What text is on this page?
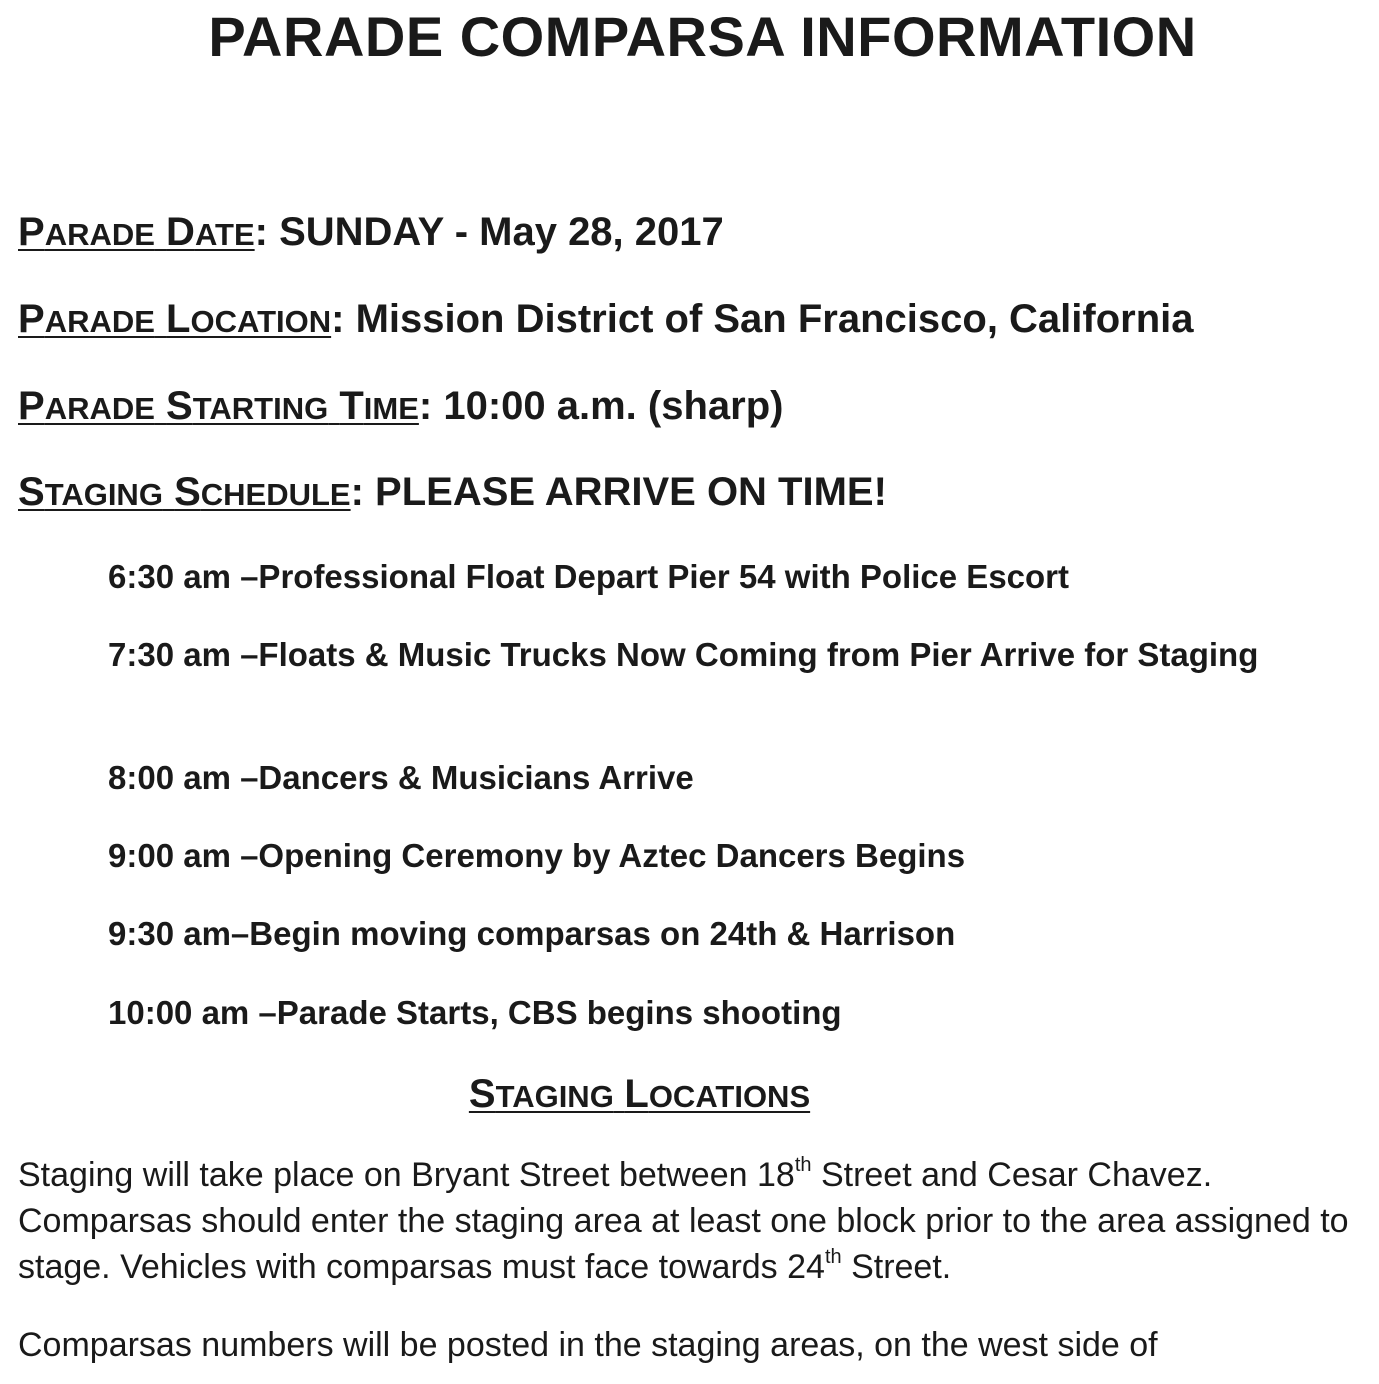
PARADE COMPARSA INFORMATION
PARADE DATE: SUNDAY - May 28, 2017
PARADE LOCATION: Mission District of San Francisco, California
PARADE STARTING TIME: 10:00 a.m. (sharp)
STAGING SCHEDULE: PLEASE ARRIVE ON TIME!
6:30 am –Professional Float Depart Pier 54 with Police Escort
7:30 am –Floats & Music Trucks Now Coming from Pier Arrive for Staging
8:00 am –Dancers & Musicians Arrive
9:00 am –Opening Ceremony by Aztec Dancers Begins
9:30 am–Begin moving comparsas on 24th & Harrison
10:00 am –Parade Starts, CBS begins shooting
STAGING LOCATIONS
Staging will take place on Bryant Street between 18th Street and Cesar Chavez. Comparsas should enter the staging area at least one block prior to the area assigned to stage. Vehicles with comparsas must face towards 24th Street.
Comparsas numbers will be posted in the staging areas, on the west side of
